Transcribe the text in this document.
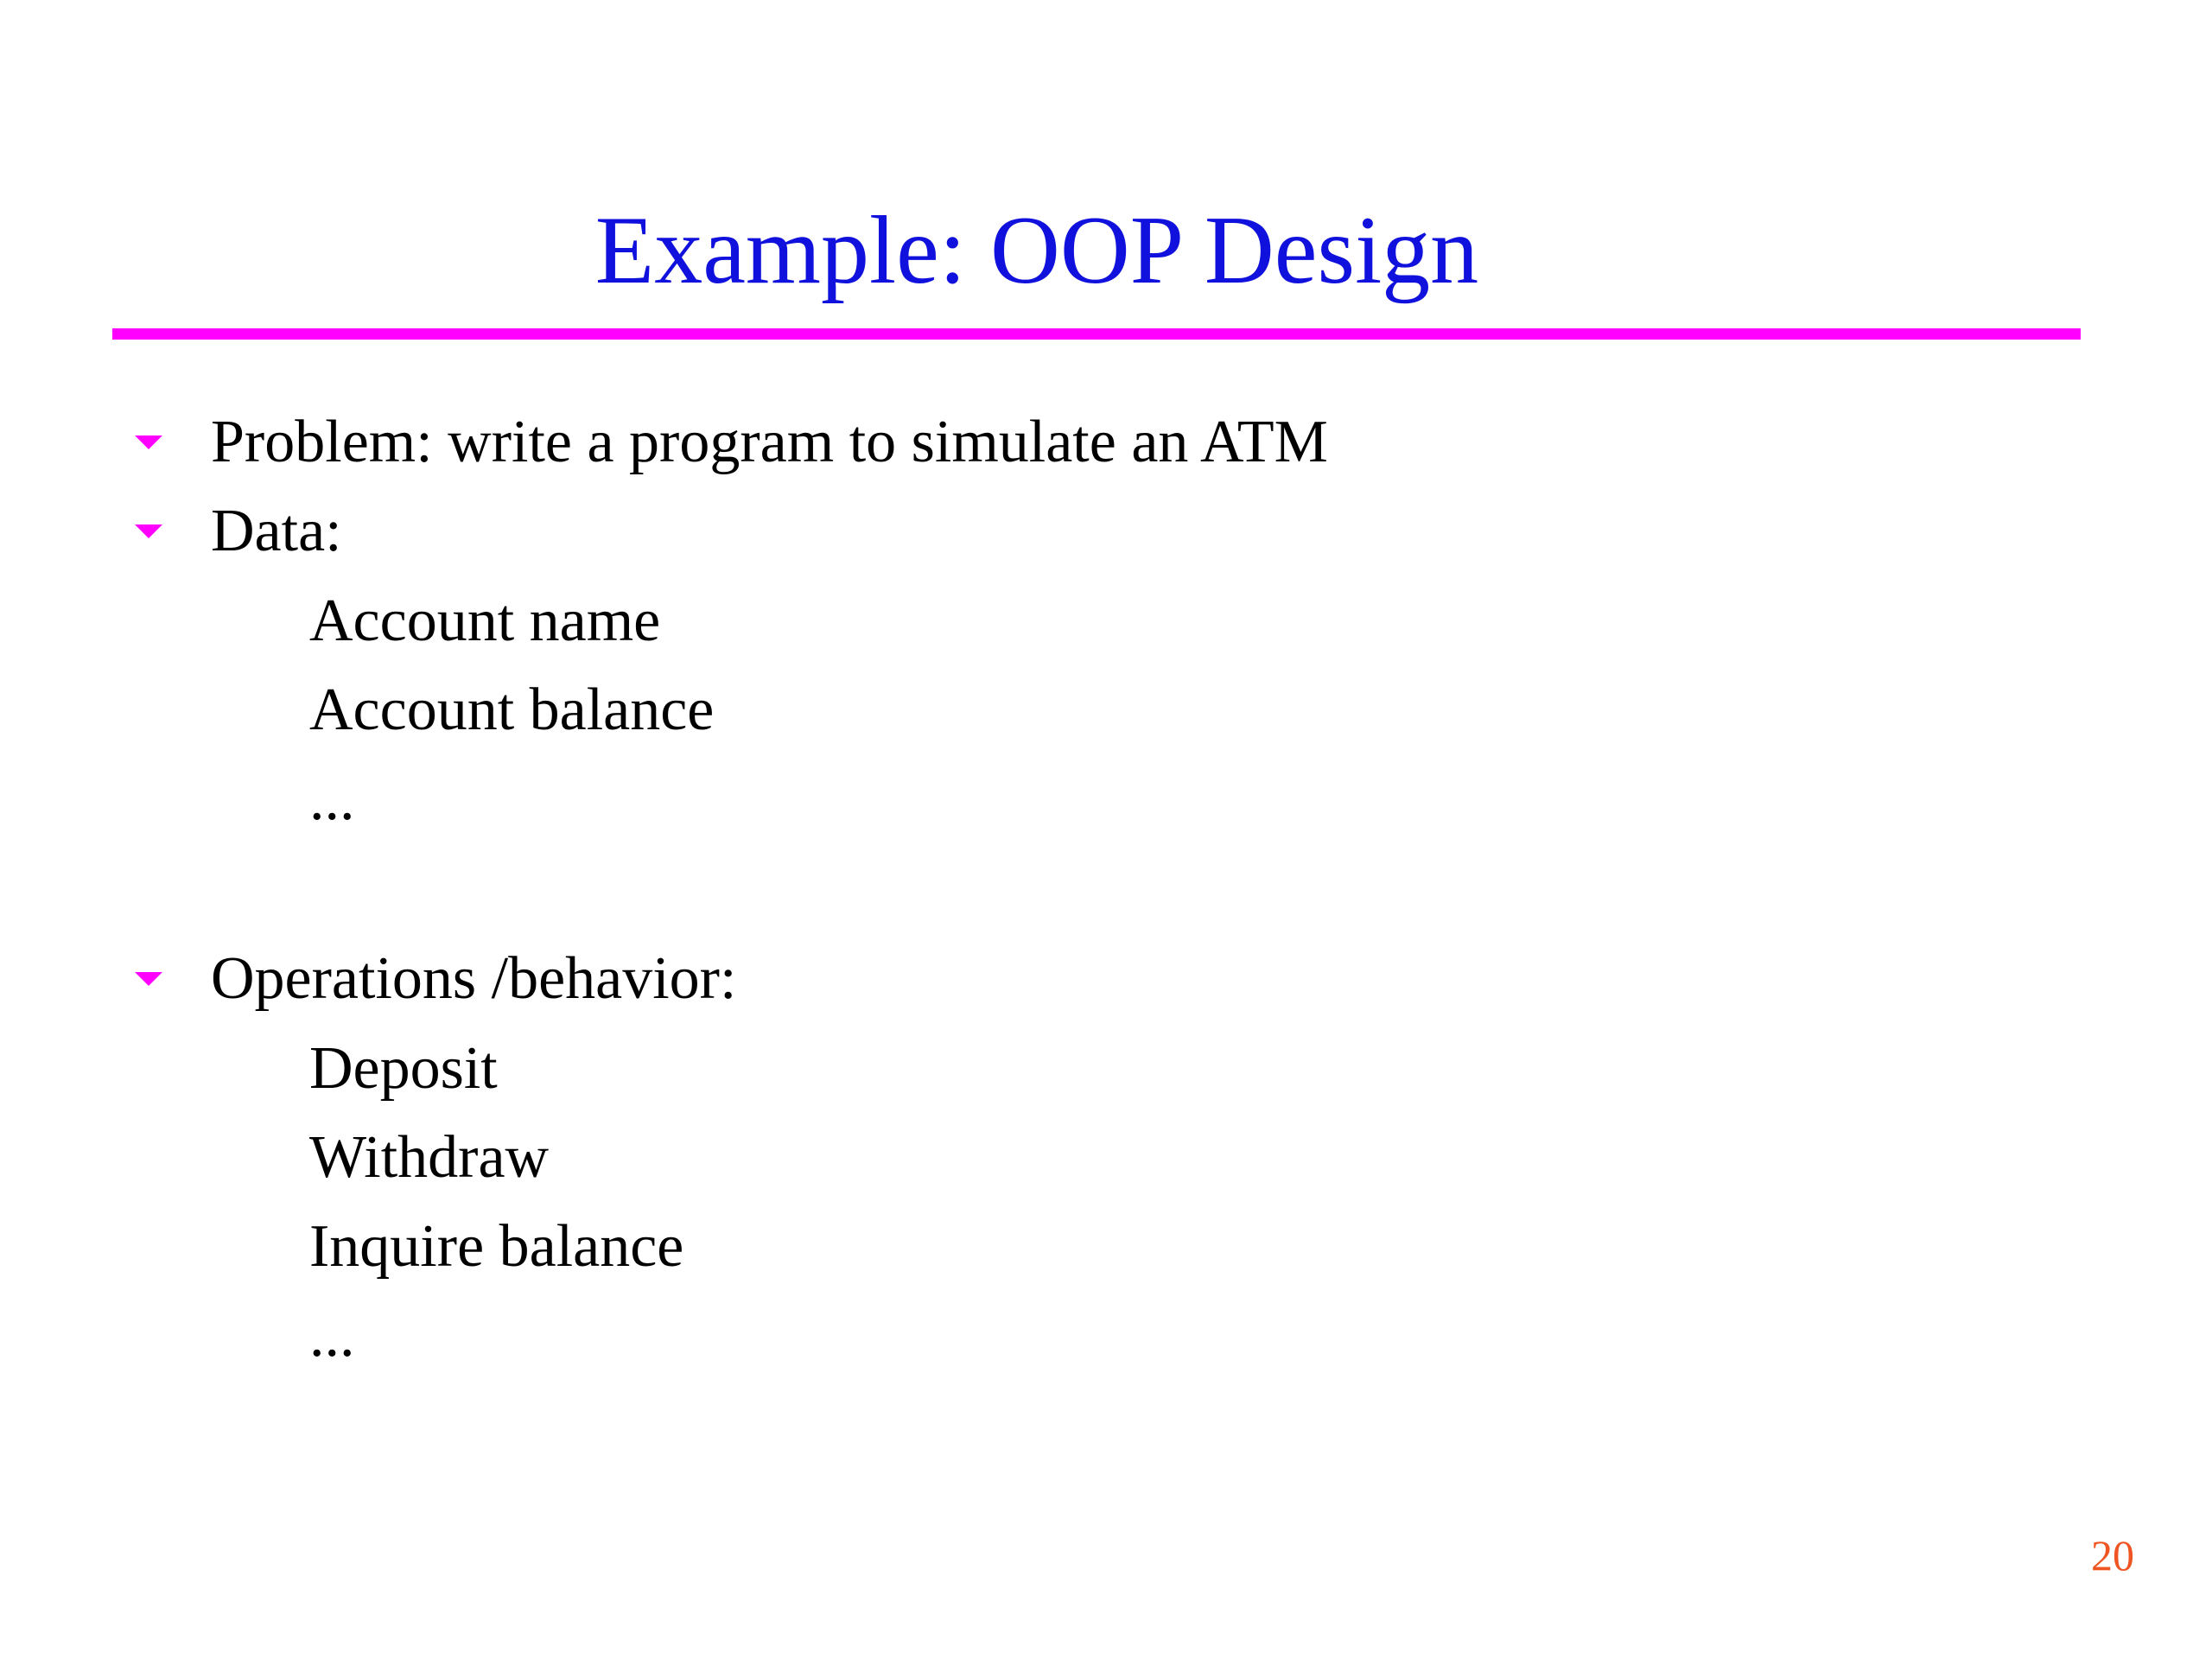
Example: OOP Design
Problem: write a program to simulate an ATM
Data:
Account name
Account balance
...
Operations /behavior:
Deposit
Withdraw
Inquire balance
...
20
